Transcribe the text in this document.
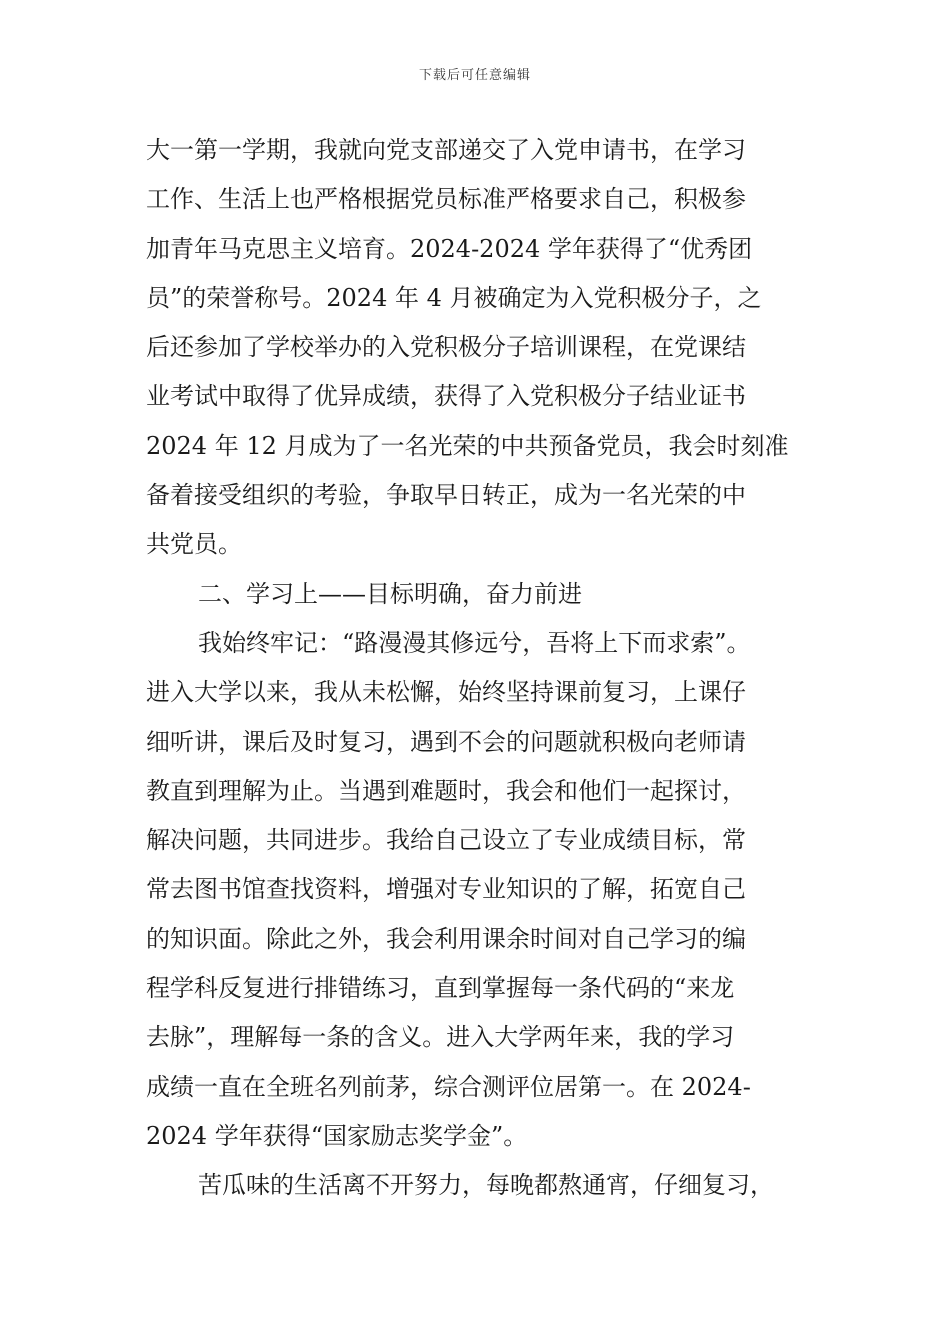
下载后可任意编辑
大一第一学期，我就向党支部递交了入党申请书，在学习
工作、生活上也严格根据党员标准严格要求自己，积极参
加青年马克思主义培育。2024-2024 学年获得了“优秀团
员”的荣誉称号。2024 年 4 月被确定为入党积极分子，之
后还参加了学校举办的入党积极分子培训课程，在党课结
业考试中取得了优异成绩，获得了入党积极分子结业证书
2024 年 12 月成为了一名光荣的中共预备党员，我会时刻准
备着接受组织的考验，争取早日转正，成为一名光荣的中
共党员。
二、学习上——目标明确，奋力前进
我始终牢记：“路漫漫其修远兮，吾将上下而求索”。
进入大学以来，我从未松懈，始终坚持课前复习，上课仔
细听讲，课后及时复习，遇到不会的问题就积极向老师请
教直到理解为止。当遇到难题时，我会和他们一起探讨，
解决问题，共同进步。我给自己设立了专业成绩目标，常
常去图书馆查找资料，增强对专业知识的了解，拓宽自己
的知识面。除此之外，我会利用课余时间对自己学习的编
程学科反复进行排错练习，直到掌握每一条代码的“来龙
去脉”，理解每一条的含义。进入大学两年来，我的学习
成绩一直在全班名列前茅，综合测评位居第一。在 2024-
2024 学年获得“国家励志奖学金”。
苦瓜味的生活离不开努力，每晚都熬通宵，仔细复习，
